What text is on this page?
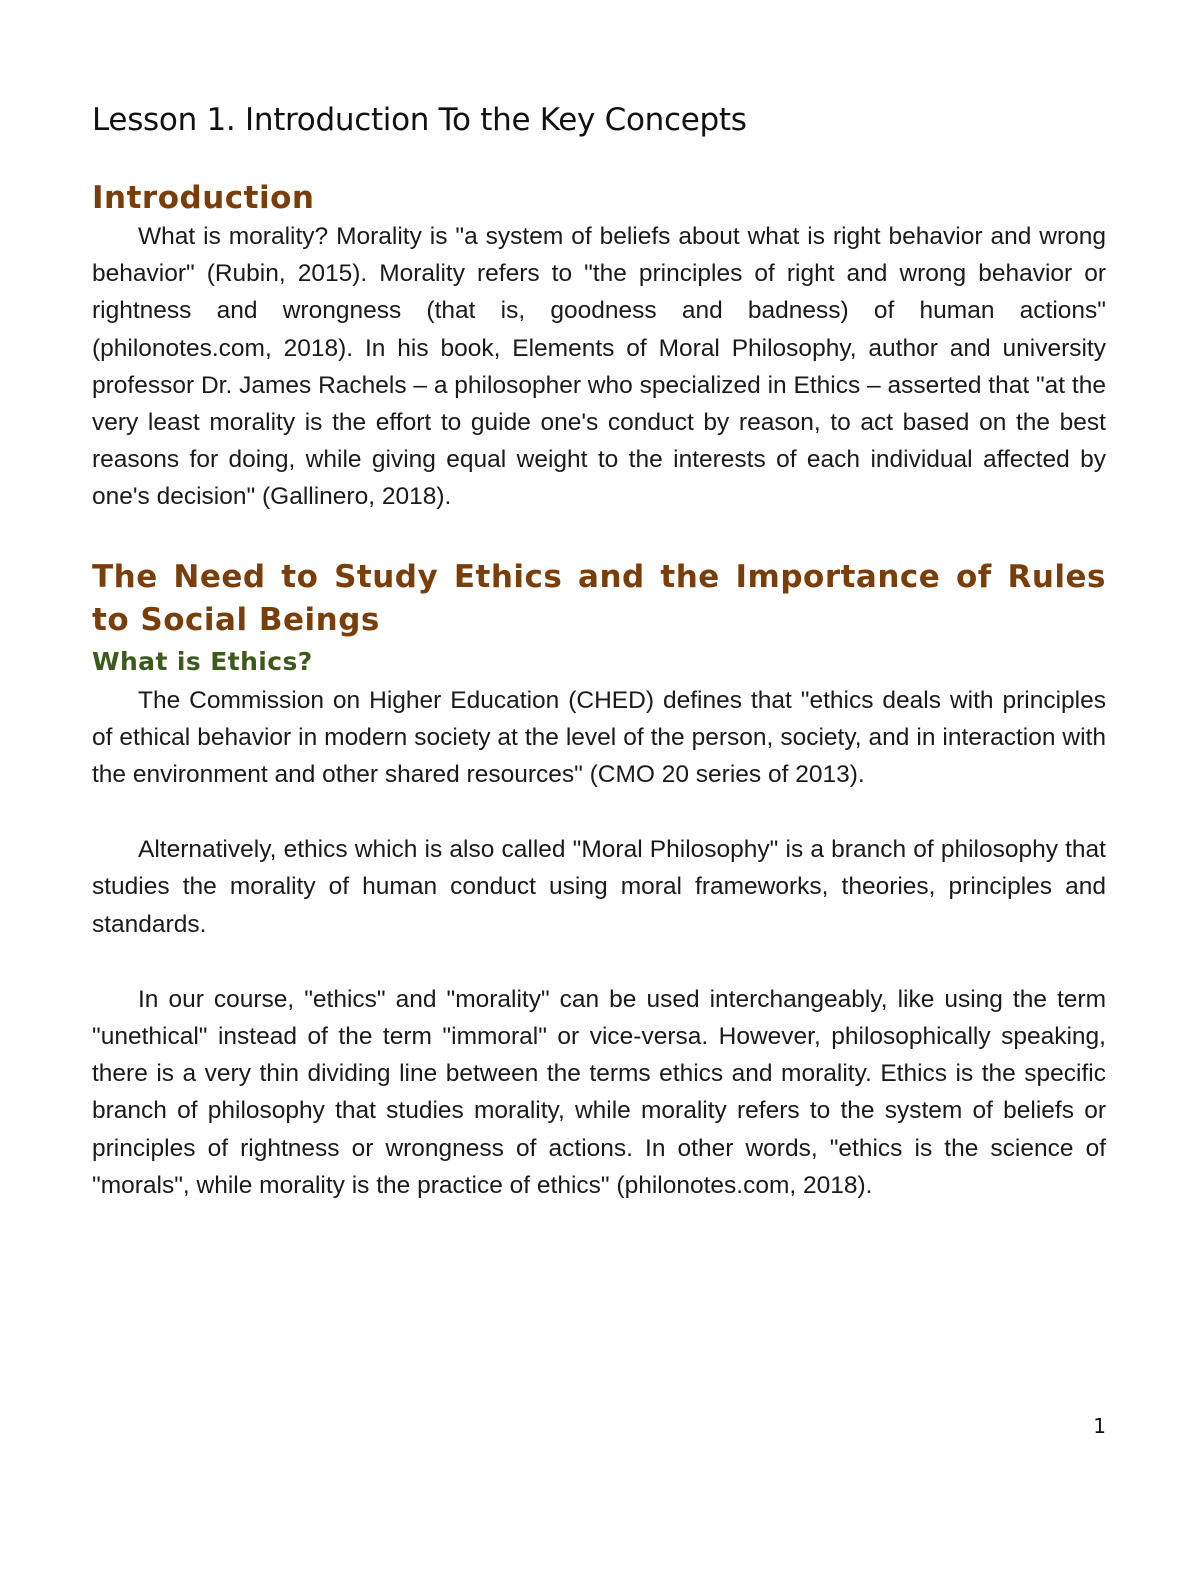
Lesson 1. Introduction To the Key Concepts
Introduction

What is morality? Morality is "a system of beliefs about what is right behavior and wrong behavior" (Rubin, 2015). Morality refers to "the principles of right and wrong behavior or rightness and wrongness (that is, goodness and badness) of human actions" (philonotes.com, 2018). In his book, Elements of Moral Philosophy, author and university professor Dr. James Rachels – a philosopher who specialized in Ethics – asserted that "at the very least morality is the effort to guide one's conduct by reason, to act based on the best reasons for doing, while giving equal weight to the interests of each individual affected by one's decision" (Gallinero, 2018).

The Need to Study Ethics and the Importance of Rules to Social Beings
What is Ethics?

The Commission on Higher Education (CHED) defines that "ethics deals with principles of ethical behavior in modern society at the level of the person, society, and in interaction with the environment and other shared resources" (CMO 20 series of 2013).

Alternatively, ethics which is also called "Moral Philosophy" is a branch of philosophy that studies the morality of human conduct using moral frameworks, theories, principles and standards.

In our course, "ethics" and "morality" can be used interchangeably, like using the term "unethical" instead of the term "immoral" or vice-versa. However, philosophically speaking, there is a very thin dividing line between the terms ethics and morality. Ethics is the specific branch of philosophy that studies morality, while morality refers to the system of beliefs or principles of rightness or wrongness of actions. In other words, "ethics is the science of "morals", while morality is the practice of ethics" (philonotes.com, 2018).

1
